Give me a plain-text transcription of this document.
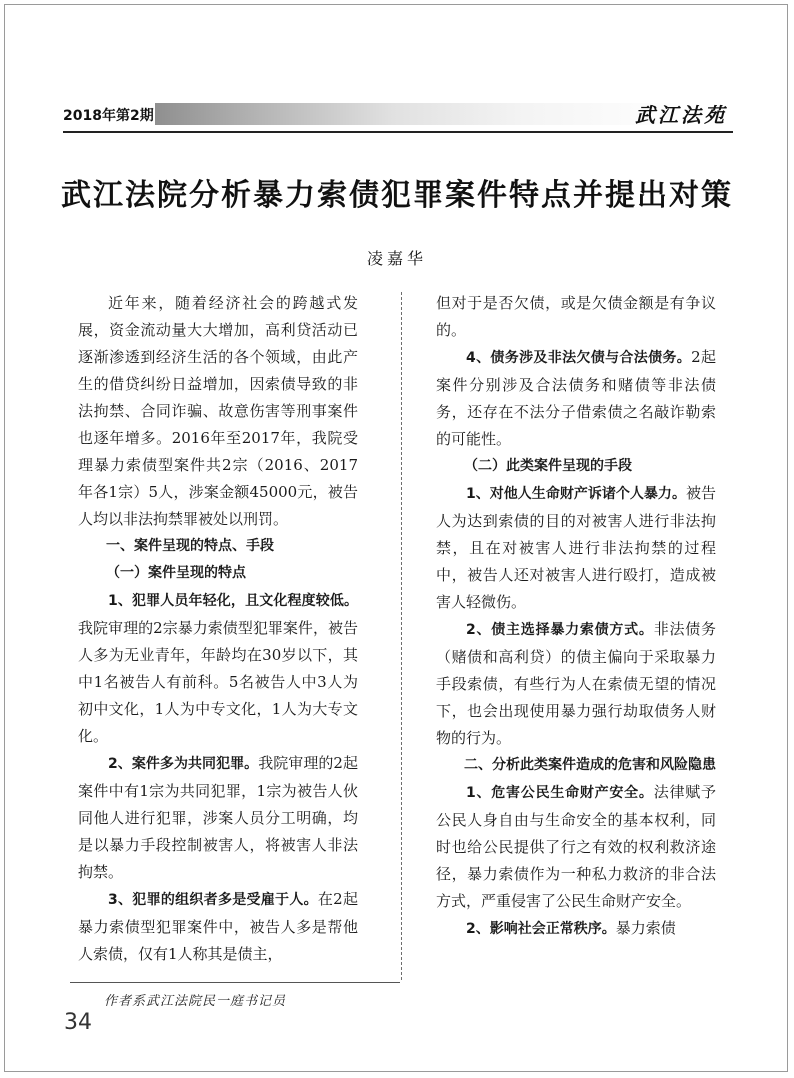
2018年第2期	武江法苑
武江法院分析暴力索债犯罪案件特点并提出对策
凌嘉华

近年来，随着经济社会的跨越式发展，资金流动量大大增加，高利贷活动已逐渐渗透到经济生活的各个领域，由此产生的借贷纠纷日益增加，因索债导致的非法拘禁、合同诈骗、故意伤害等刑事案件也逐年增多。2016年至2017年，我院受理暴力索债型案件共2宗（2016、2017年各1宗）5人，涉案金额45000元，被告人均以非法拘禁罪被处以刑罚。

一、案件呈现的特点、手段

（一）案件呈现的特点

1、犯罪人员年轻化，且文化程度较低。我院审理的2宗暴力索债型犯罪案件，被告人多为无业青年，年龄均在30岁以下，其中1名被告人有前科。5名被告人中3人为初中文化，1人为中专文化，1人为大专文化。

2、案件多为共同犯罪。我院审理的2起案件中有1宗为共同犯罪，1宗为被告人伙同他人进行犯罪，涉案人员分工明确，均是以暴力手段控制被害人，将被害人非法拘禁。

3、犯罪的组织者多是受雇于人。在2起暴力索债型犯罪案件中，被告人多是帮他人索债，仅有1人称其是债主，

但对于是否欠债，或是欠债金额是有争议的。

4、债务涉及非法欠债与合法债务。2起案件分别涉及合法债务和赌债等非法债务，还存在不法分子借索债之名敲诈勒索的可能性。

（二）此类案件呈现的手段

1、对他人生命财产诉诸个人暴力。被告人为达到索债的目的对被害人进行非法拘禁，且在对被害人进行非法拘禁的过程中，被告人还对被害人进行殴打，造成被害人轻微伤。

2、债主选择暴力索债方式。非法债务（赌债和高利贷）的债主偏向于采取暴力手段索债，有些行为人在索债无望的情况下，也会出现使用暴力强行劫取债务人财物的行为。

二、分析此类案件造成的危害和风险隐患

1、危害公民生命财产安全。法律赋予公民人身自由与生命安全的基本权利，同时也给公民提供了行之有效的权利救济途径，暴力索债作为一种私力救济的非合法方式，严重侵害了公民生命财产安全。

2、影响社会正常秩序。暴力索债

作者系武江法院民一庭书记员
34
